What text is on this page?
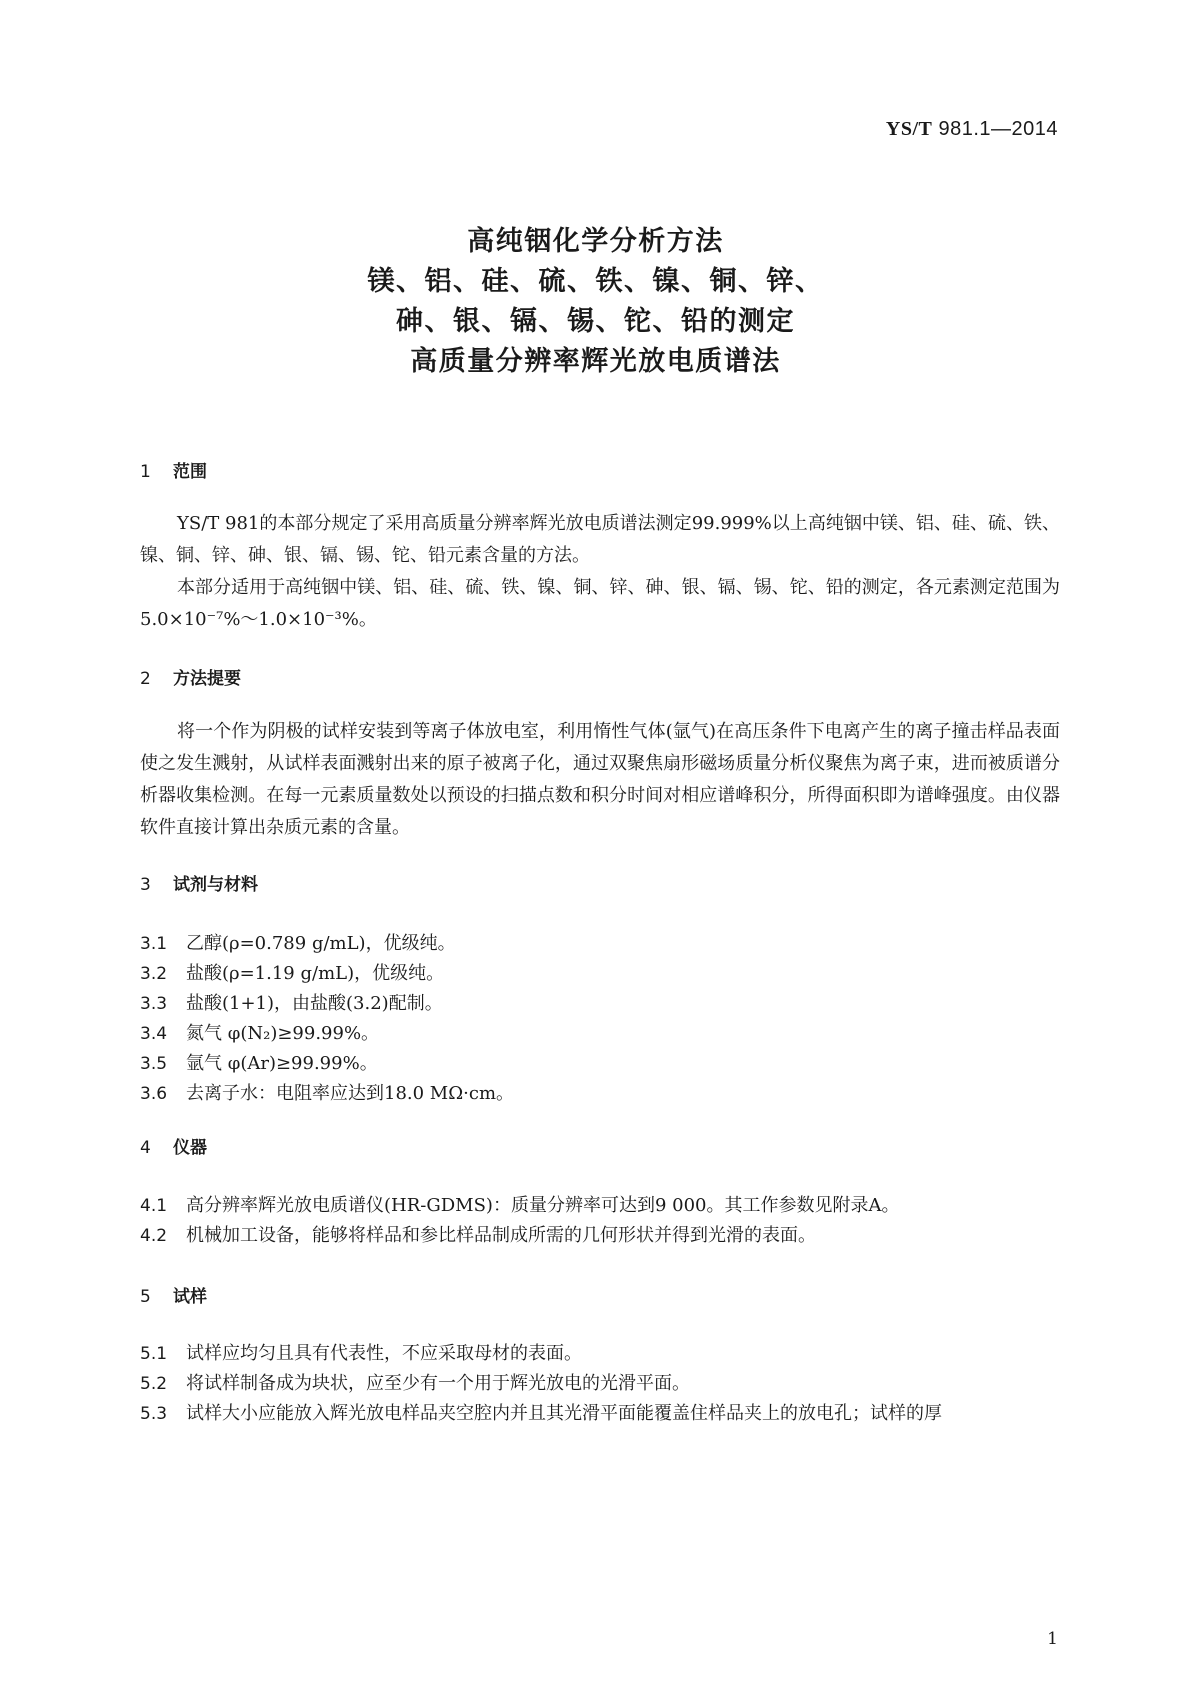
YS/T 981.1—2014
高纯铟化学分析方法
镁、铝、硅、硫、铁、镍、铜、锌、
砷、银、镉、锡、铊、铅的测定
高质量分辨率辉光放电质谱法
1 范围
YS/T 981的本部分规定了采用高质量分辨率辉光放电质谱法测定99.999%以上高纯铟中镁、铝、硅、硫、铁、镍、铜、锌、砷、银、镉、锡、铊、铅元素含量的方法。
本部分适用于高纯铟中镁、铝、硅、硫、铁、镍、铜、锌、砷、银、镉、锡、铊、铅的测定，各元素测定范围为5.0×10⁻⁷%～1.0×10⁻³%。
2 方法提要
将一个作为阴极的试样安装到等离子体放电室，利用惰性气体(氩气)在高压条件下电离产生的离子撞击样品表面使之发生溅射，从试样表面溅射出来的原子被离子化，通过双聚焦扇形磁场质量分析仪聚焦为离子束，进而被质谱分析器收集检测。在每一元素质量数处以预设的扫描点数和积分时间对相应谱峰积分，所得面积即为谱峰强度。由仪器软件直接计算出杂质元素的含量。
3 试剂与材料
3.1 乙醇(ρ=0.789 g/mL)，优级纯。
3.2 盐酸(ρ=1.19 g/mL)，优级纯。
3.3 盐酸(1+1)，由盐酸(3.2)配制。
3.4 氮气 φ(N₂)≥99.99%。
3.5 氩气 φ(Ar)≥99.99%。
3.6 去离子水：电阻率应达到18.0 MΩ·cm。
4 仪器
4.1 高分辨率辉光放电质谱仪(HR-GDMS)：质量分辨率可达到9 000。其工作参数见附录A。
4.2 机械加工设备，能够将样品和参比样品制成所需的几何形状并得到光滑的表面。
5 试样
5.1 试样应均匀且具有代表性，不应采取母材的表面。
5.2 将试样制备成为块状，应至少有一个用于辉光放电的光滑平面。
5.3 试样大小应能放入辉光放电样品夹空腔内并且其光滑平面能覆盖住样品夹上的放电孔；试样的厚
1
